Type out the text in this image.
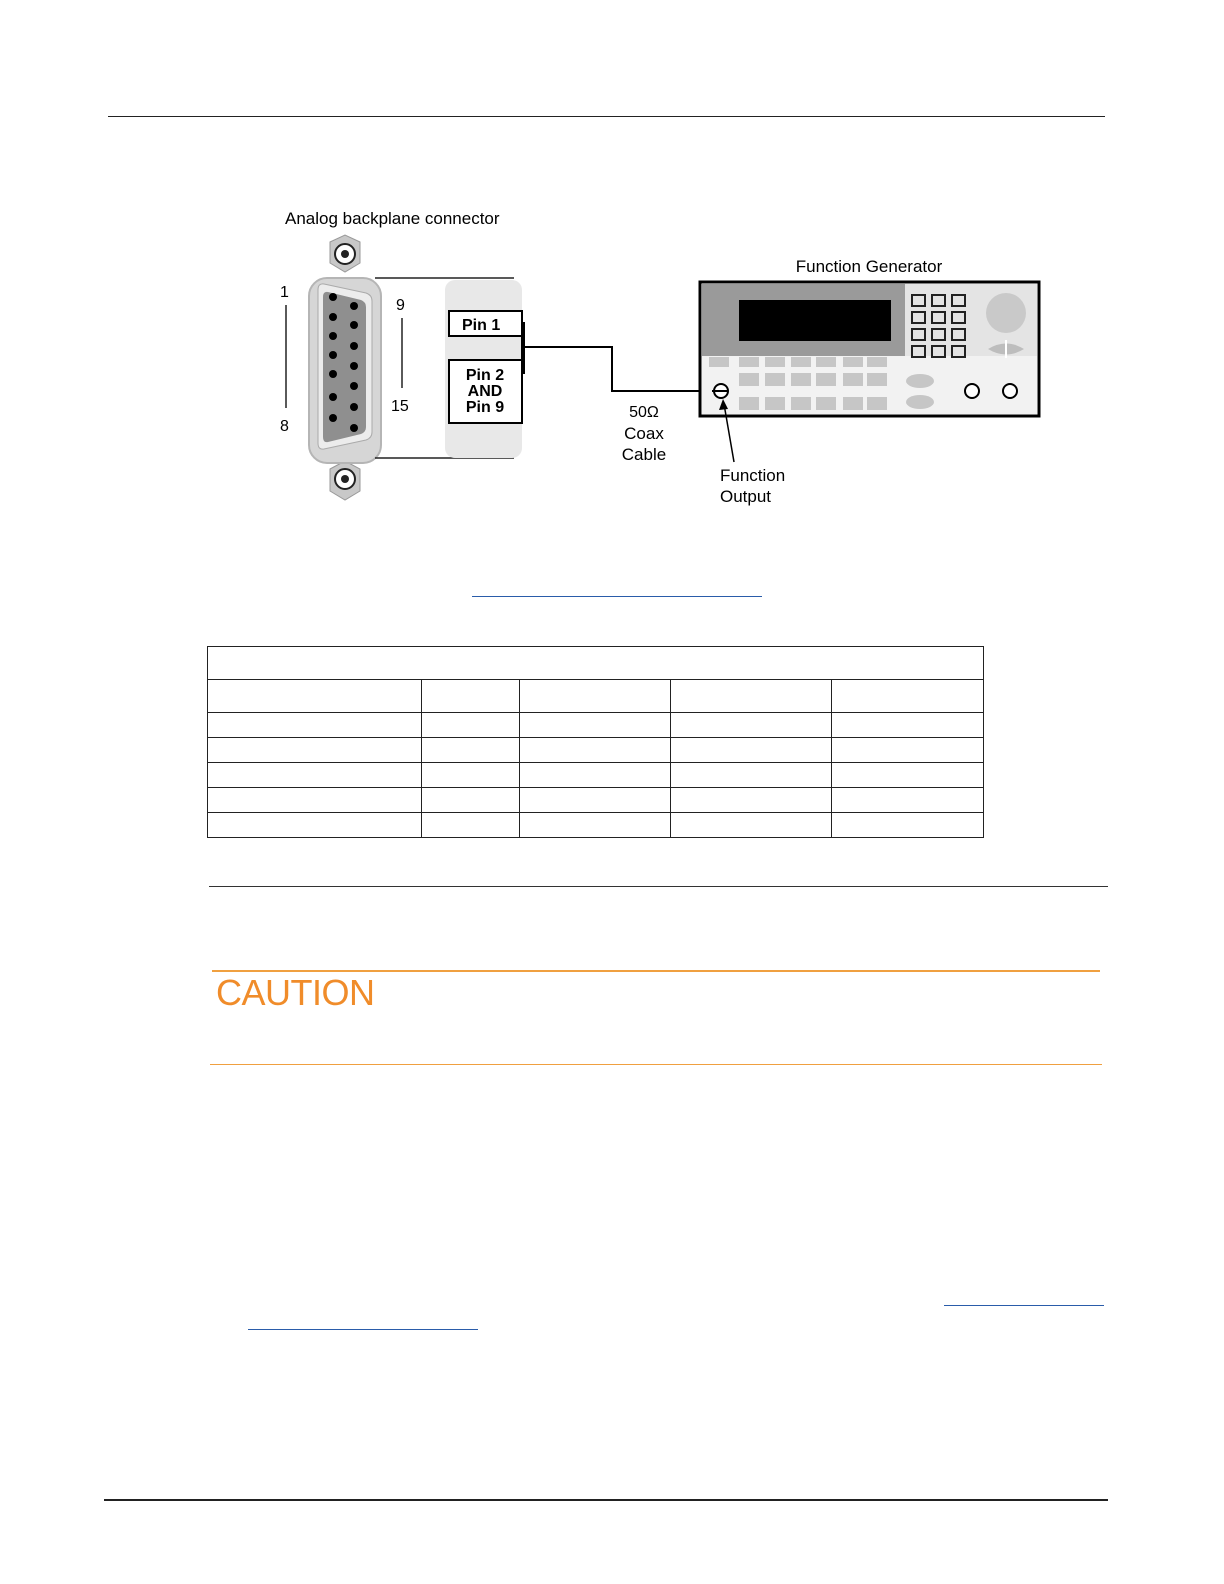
Analog backplane connector
1
8
9
15
Pin 1
Pin 2
AND
Pin 9	50Ω
Coax
Cable
Function Generator
Function
Output

CAUTION
